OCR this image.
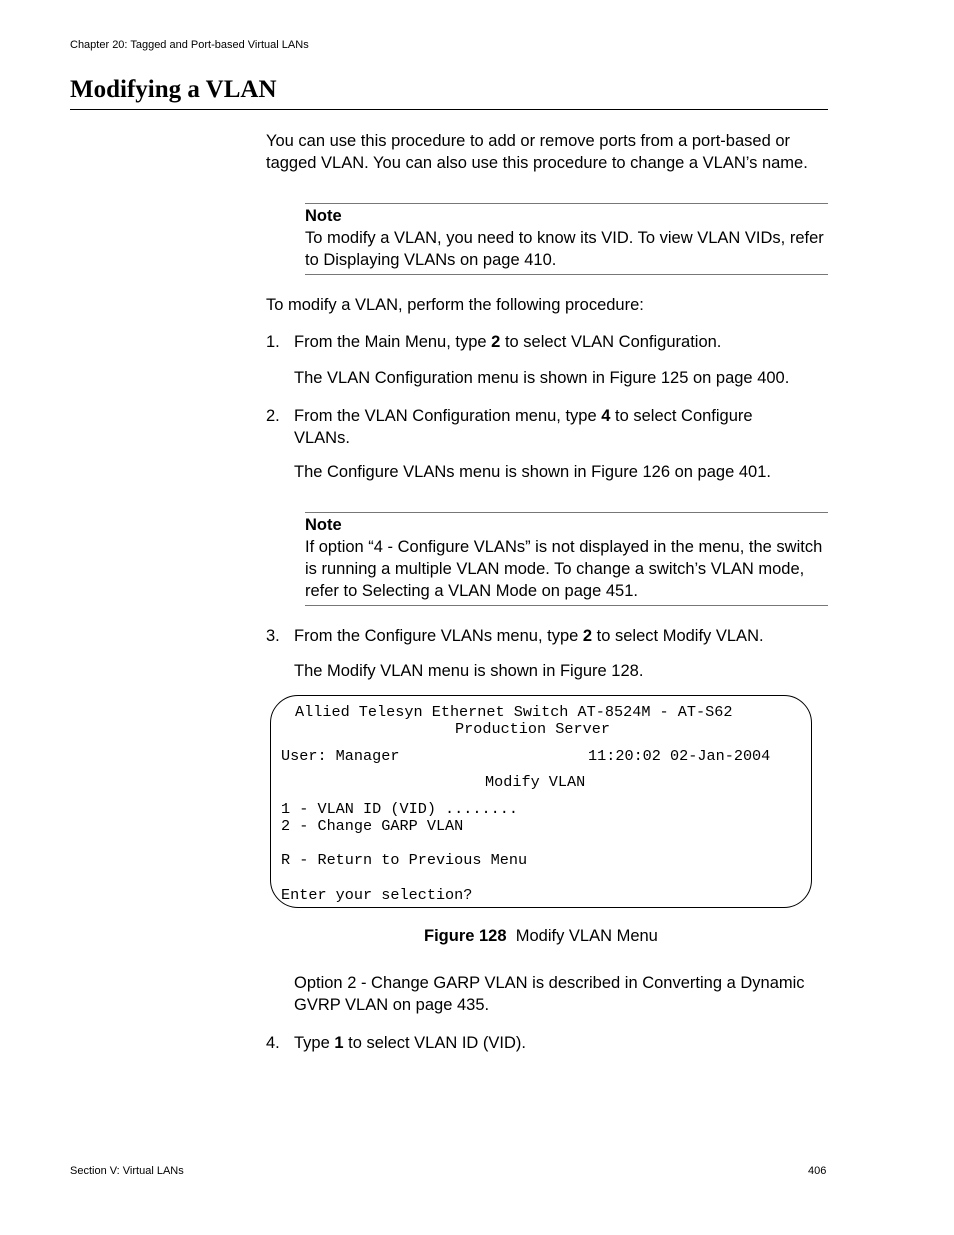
Chapter 20: Tagged and Port-based Virtual LANs
Modifying a VLAN
You can use this procedure to add or remove ports from a port-based or tagged VLAN. You can also use this procedure to change a VLAN’s name.
Note
To modify a VLAN, you need to know its VID. To view VLAN VIDs, refer to Displaying VLANs on page 410.
To modify a VLAN, perform the following procedure:
1. From the Main Menu, type 2 to select VLAN Configuration.
The VLAN Configuration menu is shown in Figure 125 on page 400.
2. From the VLAN Configuration menu, type 4 to select Configure VLANs.
The Configure VLANs menu is shown in Figure 126 on page 401.
Note
If option “4 - Configure VLANs” is not displayed in the menu, the switch is running a multiple VLAN mode. To change a switch’s VLAN mode, refer to Selecting a VLAN Mode on page 451.
3. From the Configure VLANs menu, type 2 to select Modify VLAN.
The Modify VLAN menu is shown in Figure 128.
Allied Telesyn Ethernet Switch AT-8524M - AT-S62
Production Server
User: Manager	11:20:02 02-Jan-2004
Modify VLAN
1 - VLAN ID (VID) ........
2 - Change GARP VLAN
R - Return to Previous Menu
Enter your selection?
Figure 128 Modify VLAN Menu
Option 2 - Change GARP VLAN is described in Converting a Dynamic GVRP VLAN on page 435.
4. Type 1 to select VLAN ID (VID).
Section V: Virtual LANs	406
